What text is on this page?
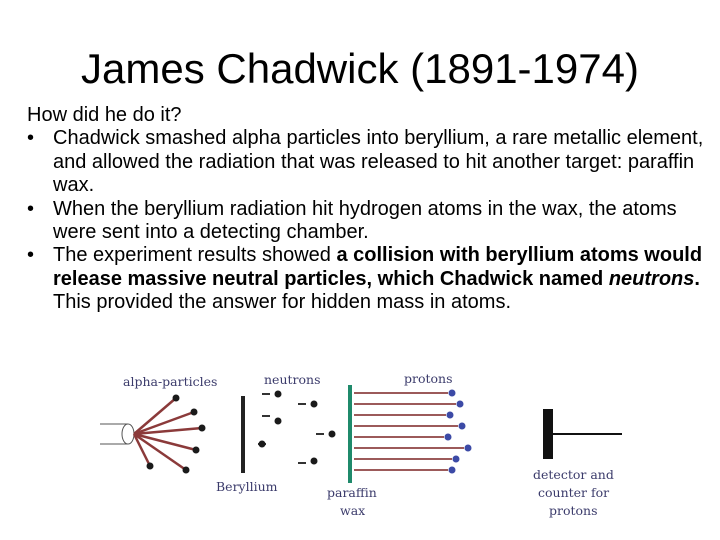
James Chadwick (1891-1974)

How did he do it?

• Chadwick smashed alpha particles into beryllium, a rare metallic element, and allowed the radiation that was released to hit another target: paraffin wax.
• When the beryllium radiation hit hydrogen atoms in the wax, the atoms were sent into a detecting chamber.
• The experiment results showed a collision with beryllium atoms would release massive neutral particles, which Chadwick named neutrons. This provided the answer for hidden mass in atoms.
alpha-particles	neutrons	protons
Beryllium	paraffin
wax
detector and
counter for
protons
